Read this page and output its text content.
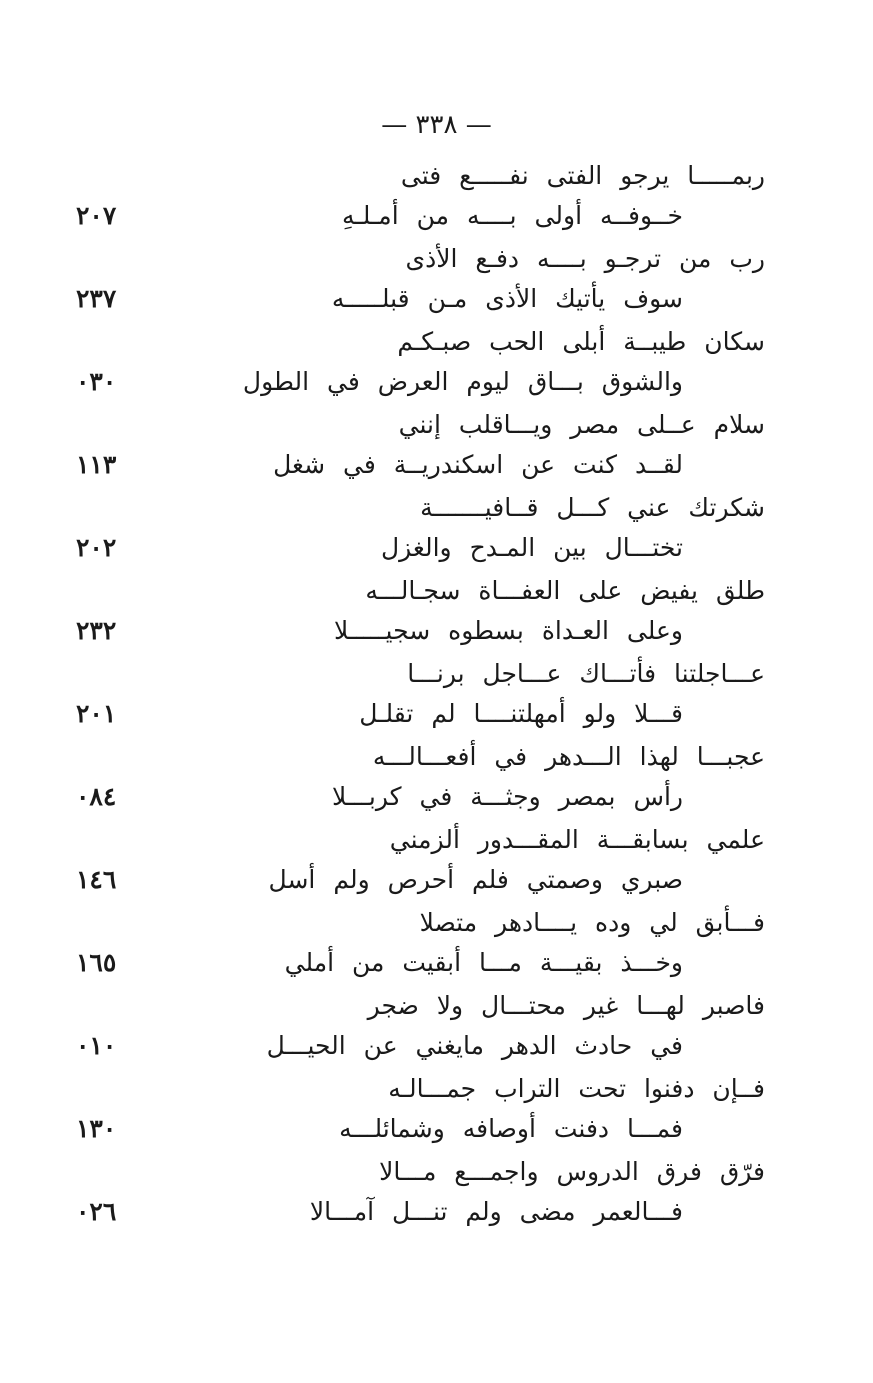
— ٣٣٨ —
ربمـــــا يرجو الفتى نفـــــع فتى
خــوفــه أولى بــــه من أمـلـهِ
٢٠٧
رب من ترجـو بــــه دفـع الأذى
سوف يأتيك الأذى مـن قبلـــــه
٢٣٧
سكان طيبــة أبلى الحب صبـكـم
والشوق بـــاق ليوم العرض في الطول
٠٣٠
سلام عــلى مصر ويـــاقلب إنني
لقــد كنت عن اسكندريــة في شغل
١١٣
شكرتك عني كـــل قــافيـــــــة
تختـــال بين المـدح والغزل
٢٠٢
طلق يفيض على العفـــاة سجـالـــه
وعلى العـداة بسطوه سجيـــــلا
٢٣٢
عـــاجلتنا فأتـــاك عـــاجل برنـــا
قـــلا ولو أمهلتنــــا لم تقلـل
٢٠١
عجبـــا لهذا الـــدهر في أفعـــالـــه
رأس بمصر وجثـــة في كربـــلا
٠٨٤
علمي بسابقـــة المقـــدور ألزمني
صبري وصمتي فلم أحرص ولم أسل
١٤٦
فـــأبق لي وده يــــادهر متصلا
وخـــذ بقيـــة مـــا أبقيت من أملي
١٦٥
فاصبر لهـــا غير محتـــال ولا ضجر
في حادث الدهر مايغني عن الحيـــل
٠١٠
فــإن دفنوا تحت التراب جمـــالـه
فمـــا دفنت أوصافه وشمائلـــه
١٣٠
فرّق فرق الدروس واجمـــع مـــالا
فـــالعمر مضى ولم تنـــل آمـــالا
٠٢٦
